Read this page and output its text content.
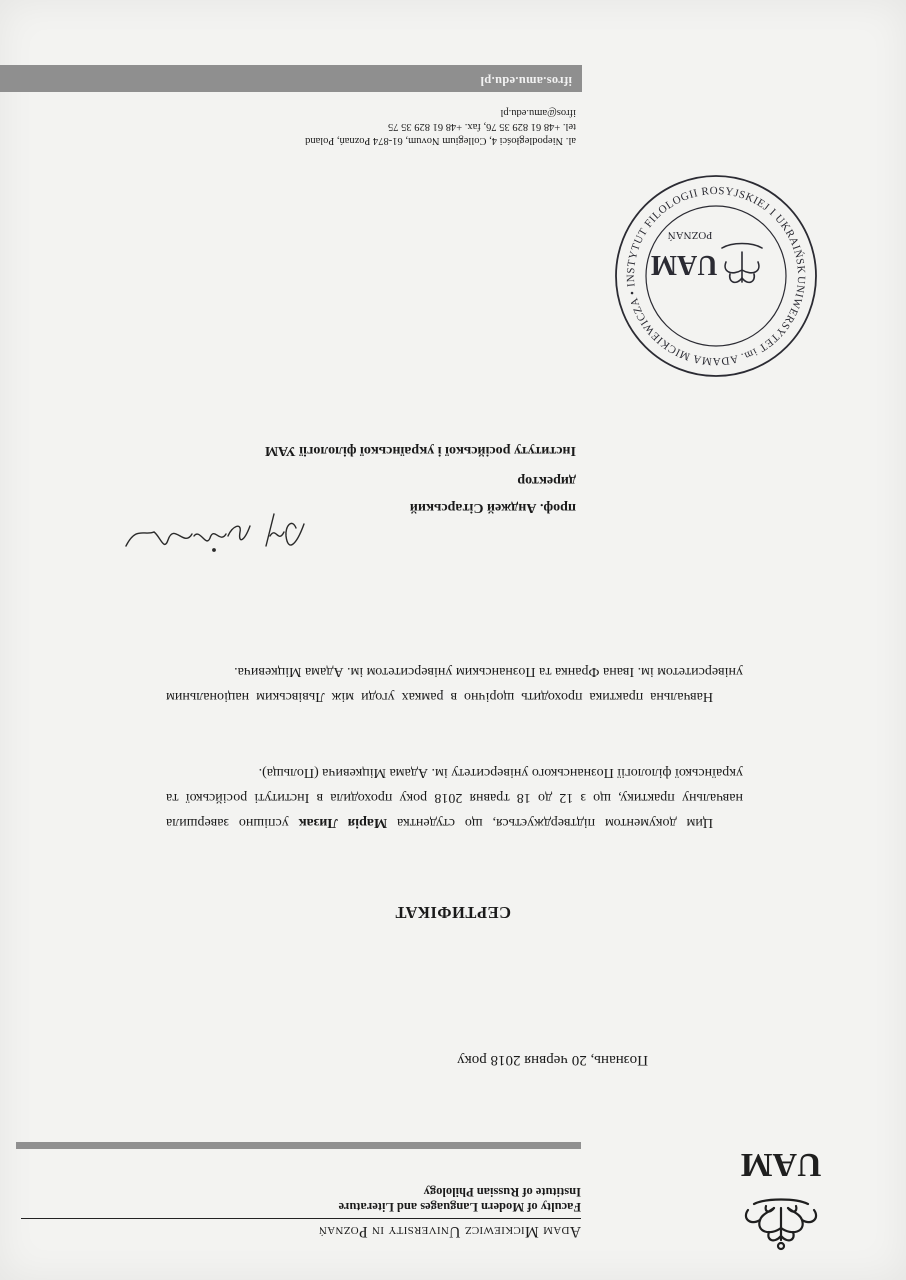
UAM
Adam Mickiewicz University in Poznań
Faculty of Modern Languages and Literature
Institute of Russian Philology
Познань, 20 червня 2018 року
СЕРТИФІКАТ
Цим документом підтверджується, що студентка Марія Лизак успішно завершила навчальну практику, що з 12 до 18 травня 2018 року проходила в Інституті російської та української філології Познанського університету ім. Адама Міцкевича (Польща).
Навчальна практика проходить щорічно в рамках угоди між Львівським національним університетом ім. Івана Франка та Познанським університетом ім. Адама Міцкевича.
проф. Анджей Сітарський
директор
Інституту російської і української філології УАМ
UNIWERSYTET im. ADAMA MICKIEWICZA • INSTYTUT FILOLOGII ROSYJSKIEJ I UKRAIŃSK
UAM
POZNAŃ
al. Niepodległości 4, Collegium Novum, 61-874 Poznań, Poland
tel. +48 61 829 35 76, fax. +48 61 829 35 75
ifros@amu.edu.pl
ifros.amu.edu.pl
